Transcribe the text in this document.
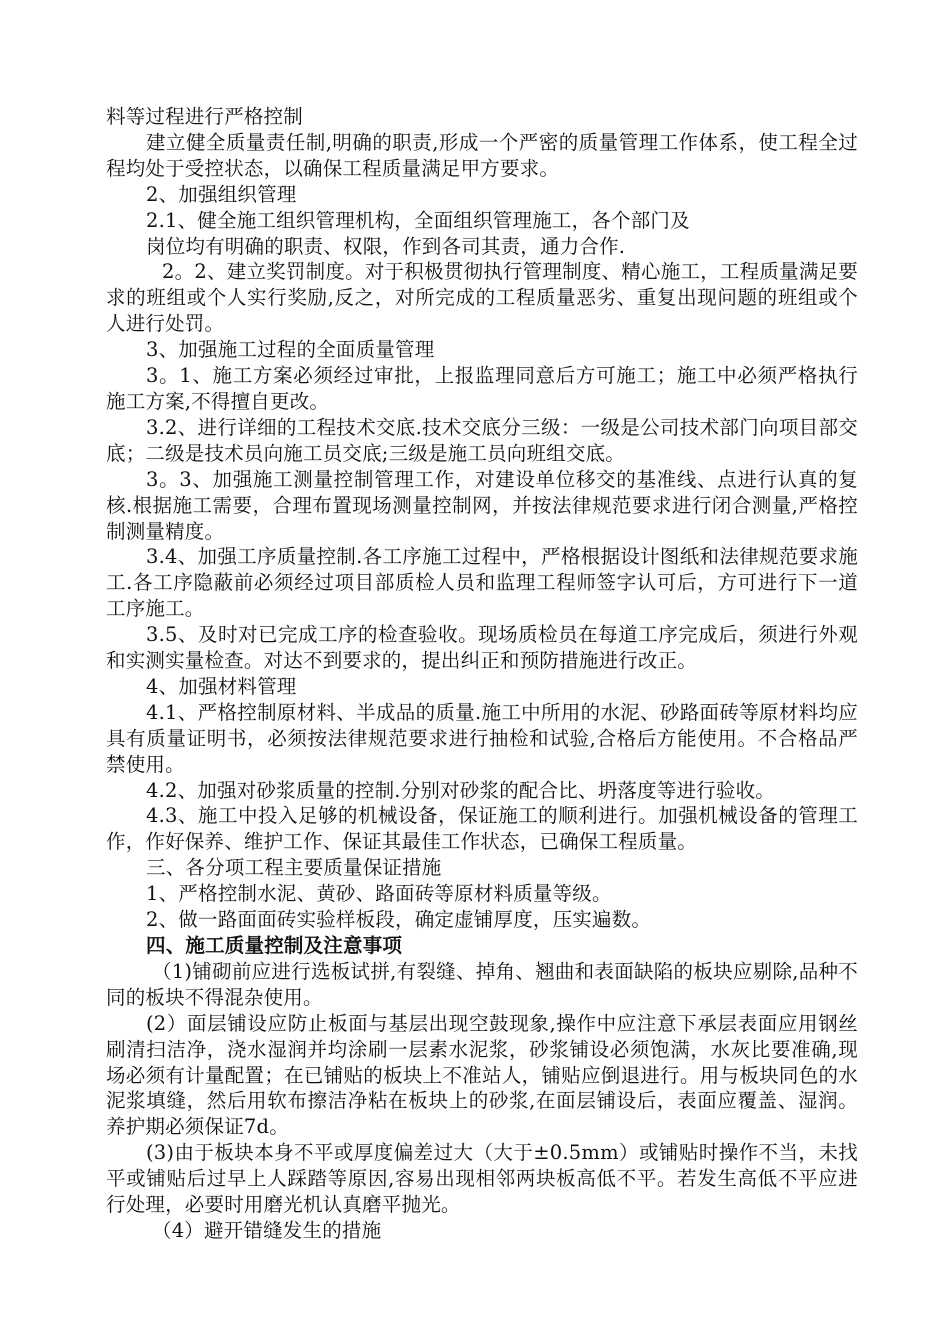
料等过程进行严格控制

建立健全质量责任制,明确的职责,形成一个严密的质量管理工作体系，使工程全过程均处于受控状态，以确保工程质量满足甲方要求。

2、加强组织管理

2.1、健全施工组织管理机构，全面组织管理施工，各个部门及

岗位均有明确的职责、权限，作到各司其责，通力合作.

2。2、建立奖罚制度。对于积极贯彻执行管理制度、精心施工，工程质量满足要求的班组或个人实行奖励,反之，对所完成的工程质量恶劣、重复出现问题的班组或个人进行处罚。

3、加强施工过程的全面质量管理

3。1、施工方案必须经过审批，上报监理同意后方可施工；施工中必须严格执行施工方案,不得擅自更改。

3.2、进行详细的工程技术交底.技术交底分三级：一级是公司技术部门向项目部交底；二级是技术员向施工员交底;三级是施工员向班组交底。

3。3、加强施工测量控制管理工作，对建设单位移交的基准线、点进行认真的复核.根据施工需要，合理布置现场测量控制网，并按法律规范要求进行闭合测量,严格控制测量精度。

3.4、加强工序质量控制.各工序施工过程中，严格根据设计图纸和法律规范要求施工.各工序隐蔽前必须经过项目部质检人员和监理工程师签字认可后，方可进行下一道工序施工。

3.5、及时对已完成工序的检查验收。现场质检员在每道工序完成后，须进行外观和实测实量检查。对达不到要求的，提出纠正和预防措施进行改正。

4、加强材料管理

4.1、严格控制原材料、半成品的质量.施工中所用的水泥、砂路面砖等原材料均应具有质量证明书，必须按法律规范要求进行抽检和试验,合格后方能使用。不合格品严禁使用。

4.2、加强对砂浆质量的控制.分别对砂浆的配合比、坍落度等进行验收。

4.3、施工中投入足够的机械设备，保证施工的顺利进行。加强机械设备的管理工作，作好保养、维护工作、保证其最佳工作状态，已确保工程质量。

三、各分项工程主要质量保证措施

1、严格控制水泥、黄砂、路面砖等原材料质量等级。

2、做一路面面砖实验样板段，确定虚铺厚度，压实遍数。

四、施工质量控制及注意事项

（1)铺砌前应进行选板试拼,有裂缝、掉角、翘曲和表面缺陷的板块应剔除,品种不同的板块不得混杂使用。

(2）面层铺设应防止板面与基层出现空鼓现象,操作中应注意下承层表面应用钢丝刷清扫洁净，浇水湿润并均涂刷一层素水泥浆，砂浆铺设必须饱满，水灰比要准确,现场必须有计量配置；在已铺贴的板块上不准站人，铺贴应倒退进行。用与板块同色的水泥浆填缝，然后用软布擦洁净粘在板块上的砂浆,在面层铺设后，表面应覆盖、湿润。养护期必须保证7d。

(3)由于板块本身不平或厚度偏差过大（大于±0.5mm）或铺贴时操作不当，未找平或铺贴后过早上人踩踏等原因,容易出现相邻两块板高低不平。若发生高低不平应进行处理，必要时用磨光机认真磨平抛光。

（4）避开错缝发生的措施
